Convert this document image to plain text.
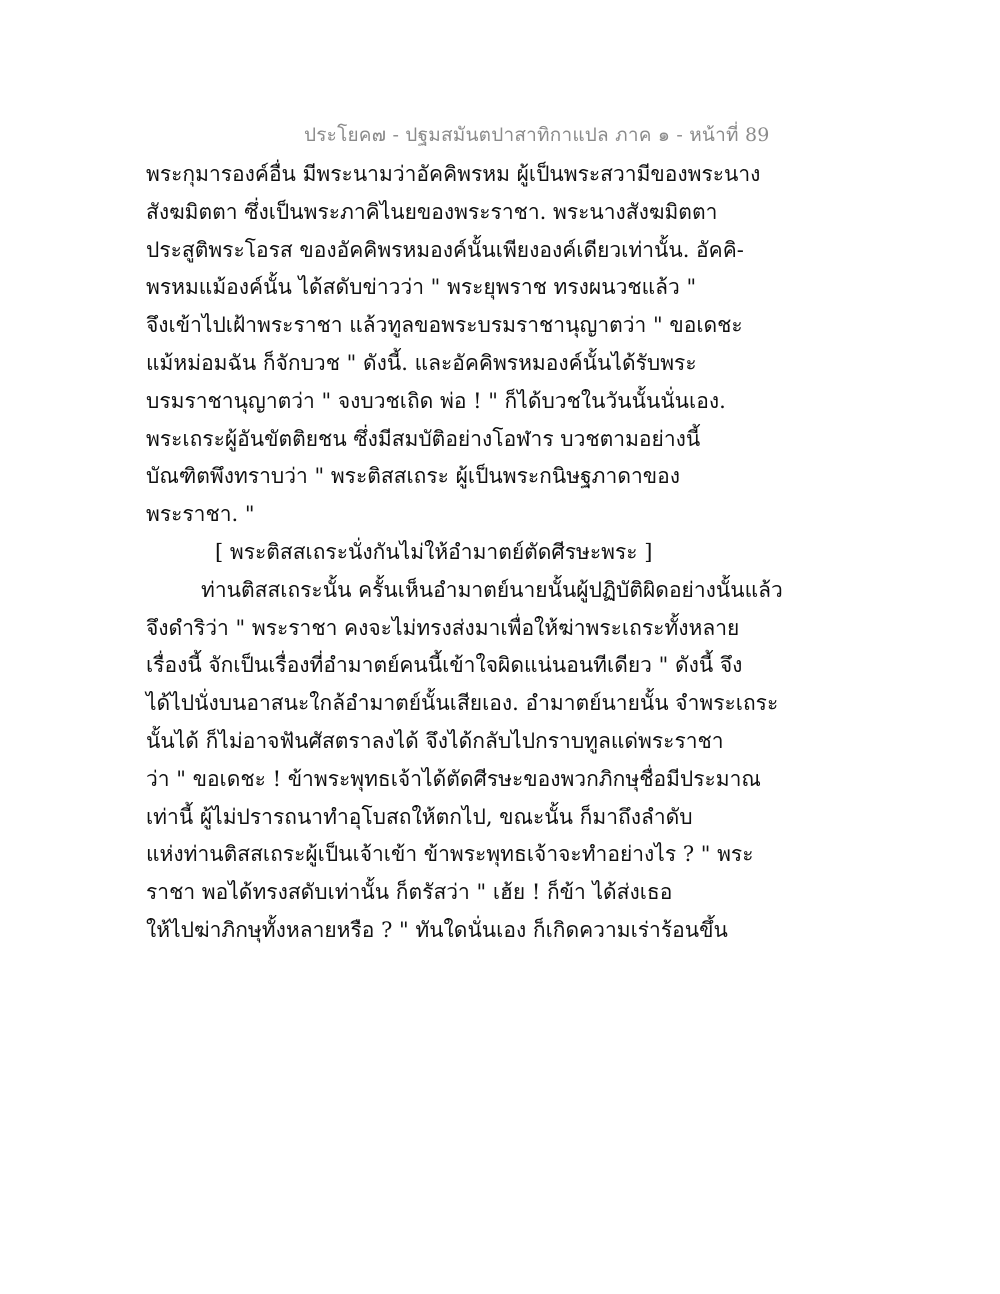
ประโยค๗ - ปฐมสมันตปาสาทิกาแปล ภาค ๑ - หน้าที่ 89
พระกุมารองค์อื่น มีพระนามว่าอัคคิพรหม ผู้เป็นพระสวามีของพระนาง
สังฆมิตตา ซึ่งเป็นพระภาคิไนยของพระราชา. พระนางสังฆมิตตา
ประสูติพระโอรส ของอัคคิพรหมองค์นั้นเพียงองค์เดียวเท่านั้น. อัคคิ-
พรหมแม้องค์นั้น ได้สดับข่าวว่า " พระยุพราช ทรงผนวชแล้ว "
จึงเข้าไปเฝ้าพระราชา แล้วทูลขอพระบรมราชานุญาตว่า " ขอเดชะ
แม้หม่อมฉัน ก็จักบวช " ดังนี้. และอัคคิพรหมองค์นั้นได้รับพระ
บรมราชานุญาตว่า " จงบวชเถิด พ่อ ! " ก็ได้บวชในวันนั้นนั่นเอง.
พระเถระผู้อันขัตติยชน ซึ่งมีสมบัติอย่างโอฬาร บวชตามอย่างนี้
บัณฑิตพึงทราบว่า " พระติสสเถระ ผู้เป็นพระกนิษฐภาดาของ
พระราชา. "
[ พระติสสเถระนั่งกันไม่ให้อำมาตย์ตัดศีรษะพระ ]
ท่านติสสเถระนั้น ครั้นเห็นอำมาตย์นายนั้นผู้ปฏิบัติผิดอย่างนั้นแล้ว
จึงดำริว่า " พระราชา คงจะไม่ทรงส่งมาเพื่อให้ฆ่าพระเถระทั้งหลาย
เรื่องนี้ จักเป็นเรื่องที่อำมาตย์คนนี้เข้าใจผิดแน่นอนทีเดียว " ดังนี้ จึง
ได้ไปนั่งบนอาสนะใกล้อำมาตย์นั้นเสียเอง. อำมาตย์นายนั้น จำพระเถระ
นั้นได้ ก็ไม่อาจฟันศัสตราลงได้ จึงได้กลับไปกราบทูลแด่พระราชา
ว่า " ขอเดชะ ! ข้าพระพุทธเจ้าได้ตัดศีรษะของพวกภิกษุชื่อมีประมาณ
เท่านี้ ผู้ไม่ปรารถนาทำอุโบสถให้ตกไป, ขณะนั้น ก็มาถึงลำดับ
แห่งท่านติสสเถระผู้เป็นเจ้าเข้า ข้าพระพุทธเจ้าจะทำอย่างไร ? " พระ
ราชา พอได้ทรงสดับเท่านั้น ก็ตรัสว่า " เฮ้ย ! ก็ข้า ได้ส่งเธอ
ให้ไปฆ่าภิกษุทั้งหลายหรือ ? " ทันใดนั่นเอง ก็เกิดความเร่าร้อนขึ้น
